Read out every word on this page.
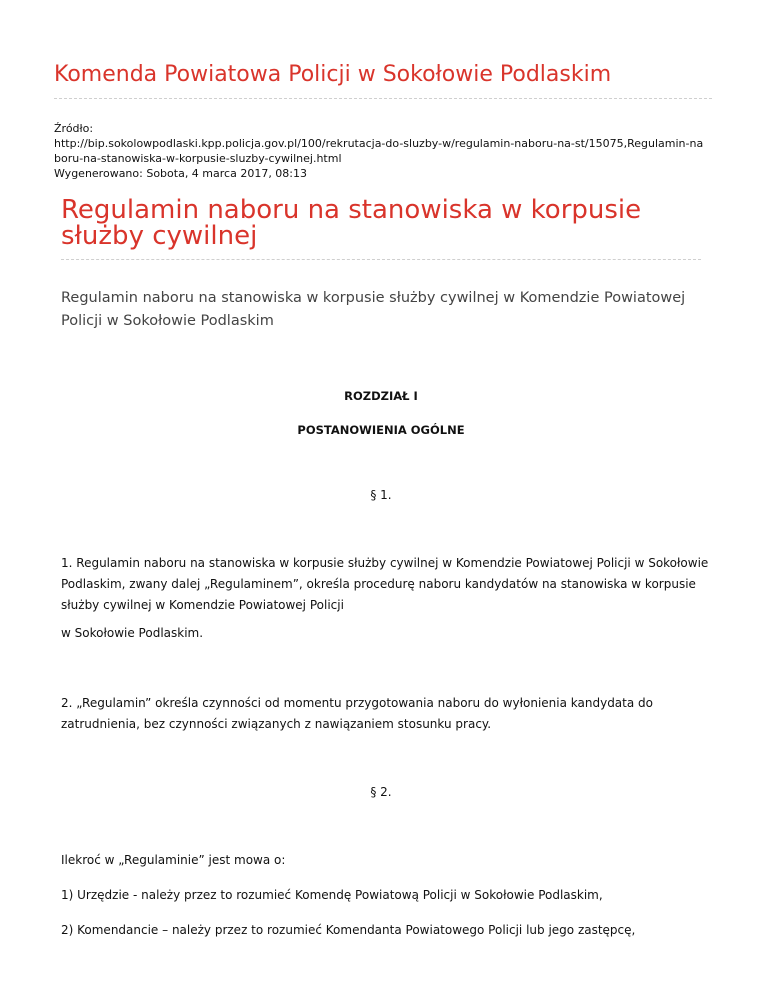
Komenda Powiatowa Policji w Sokołowie Podlaskim
Źródło:
http://bip.sokolowpodlaski.kpp.policja.gov.pl/100/rekrutacja-do-sluzby-w/regulamin-naboru-na-st/15075,Regulamin-na
boru-na-stanowiska-w-korpusie-sluzby-cywilnej.html
Wygenerowano: Sobota, 4 marca 2017, 08:13
Regulamin naboru na stanowiska w korpusie służby cywilnej

Regulamin naboru na stanowiska w korpusie służby cywilnej w Komendzie Powiatowej Policji w Sokołowie Podlaskim

ROZDZIAŁ I

POSTANOWIENIA OGÓLNE

§ 1.

1. Regulamin naboru na stanowiska w korpusie służby cywilnej w Komendzie Powiatowej Policji w Sokołowie Podlaskim, zwany dalej „Regulaminem”, określa procedurę naboru kandydatów na stanowiska w korpusie służby cywilnej w Komendzie Powiatowej Policji

w Sokołowie Podlaskim.

2. „Regulamin” określa czynności od momentu przygotowania naboru do wyłonienia kandydata do zatrudnienia, bez czynności związanych z nawiązaniem stosunku pracy.

§ 2.

Ilekroć w „Regulaminie” jest mowa o:

1) Urzędzie - należy przez to rozumieć Komendę Powiatową Policji w Sokołowie Podlaskim,

2) Komendancie – należy przez to rozumieć Komendanta Powiatowego Policji lub jego zastępcę,
